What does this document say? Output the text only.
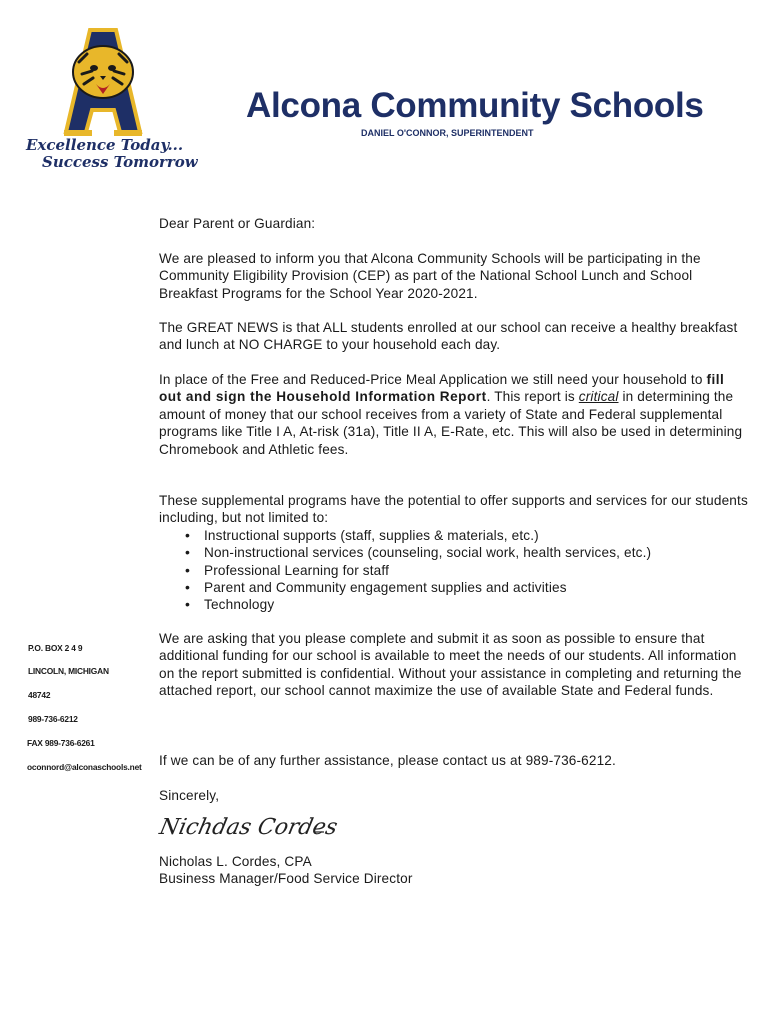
Excellence Today...
Success Tomorrow
Alcona Community Schools
DANIEL O'CONNOR, SUPERINTENDENT
Dear Parent or Guardian:
We are pleased to inform you that Alcona Community Schools will be participating in the Community Eligibility Provision (CEP) as part of the National School Lunch and School Breakfast Programs for the School Year 2020-2021.
The GREAT NEWS is that ALL students enrolled at our school can receive a healthy breakfast and lunch at NO CHARGE to your household each day.
In place of the Free and Reduced-Price Meal Application we still need your household to fill out and sign the Household Information Report. This report is critical in determining the amount of money that our school receives from a variety of State and Federal supplemental programs like Title I A, At-risk (31a), Title II A, E-Rate, etc. This will also be used in determining Chromebook and Athletic fees.

These supplemental programs have the potential to offer supports and services for our students including, but not limited to:

• Instructional supports (staff, supplies & materials, etc.)
• Non-instructional services (counseling, social work, health services, etc.)
• Professional Learning for staff
• Parent and Community engagement supplies and activities
• Technology
We are asking that you please complete and submit it as soon as possible to ensure that additional funding for our school is available to meet the needs of our students. All information on the report submitted is confidential. Without your assistance in completing and returning the attached report, our school cannot maximize the use of available State and Federal funds.
If we can be of any further assistance, please contact us at 989-736-6212.
Sincerely,
Nichdas Cordes
Nicholas L. Cordes, CPA
Business Manager/Food Service Director
P.O. BOX 2 4 9
LINCOLN, MICHIGAN
48742
989-736-6212
FAX 989-736-6261
oconnord@alconaschools.net
